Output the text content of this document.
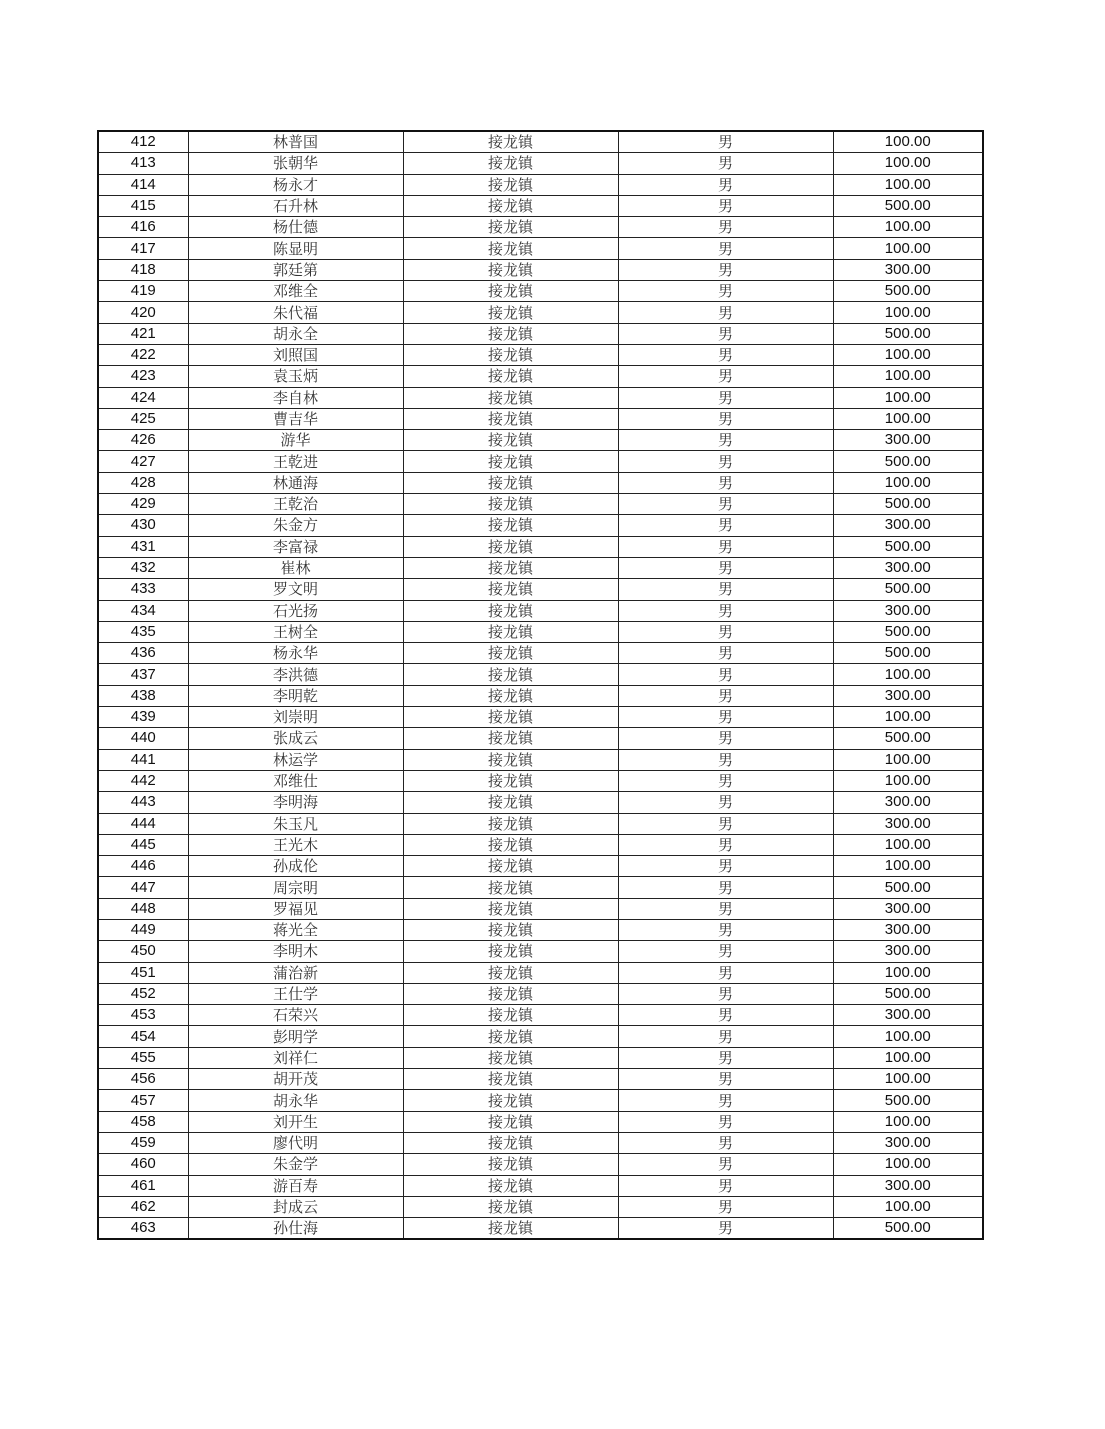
412	林普国	接龙镇	男	100.00
413	张朝华	接龙镇	男	100.00
414	杨永才	接龙镇	男	100.00
415	石升林	接龙镇	男	500.00
416	杨仕德	接龙镇	男	100.00
417	陈显明	接龙镇	男	100.00
418	郭廷第	接龙镇	男	300.00
419	邓维全	接龙镇	男	500.00
420	朱代福	接龙镇	男	100.00
421	胡永全	接龙镇	男	500.00
422	刘照国	接龙镇	男	100.00
423	袁玉炳	接龙镇	男	100.00
424	李自林	接龙镇	男	100.00
425	曹吉华	接龙镇	男	100.00
426	游华	接龙镇	男	300.00
427	王乾进	接龙镇	男	500.00
428	林通海	接龙镇	男	100.00
429	王乾治	接龙镇	男	500.00
430	朱金方	接龙镇	男	300.00
431	李富禄	接龙镇	男	500.00
432	崔林	接龙镇	男	300.00
433	罗文明	接龙镇	男	500.00
434	石光扬	接龙镇	男	300.00
435	王树全	接龙镇	男	500.00
436	杨永华	接龙镇	男	500.00
437	李洪德	接龙镇	男	100.00
438	李明乾	接龙镇	男	300.00
439	刘崇明	接龙镇	男	100.00
440	张成云	接龙镇	男	500.00
441	林运学	接龙镇	男	100.00
442	邓维仕	接龙镇	男	100.00
443	李明海	接龙镇	男	300.00
444	朱玉凡	接龙镇	男	300.00
445	王光木	接龙镇	男	100.00
446	孙成伦	接龙镇	男	100.00
447	周宗明	接龙镇	男	500.00
448	罗福见	接龙镇	男	300.00
449	蒋光全	接龙镇	男	300.00
450	李明木	接龙镇	男	300.00
451	蒲治新	接龙镇	男	100.00
452	王仕学	接龙镇	男	500.00
453	石荣兴	接龙镇	男	300.00
454	彭明学	接龙镇	男	100.00
455	刘祥仁	接龙镇	男	100.00
456	胡开茂	接龙镇	男	100.00
457	胡永华	接龙镇	男	500.00
458	刘开生	接龙镇	男	100.00
459	廖代明	接龙镇	男	300.00
460	朱金学	接龙镇	男	100.00
461	游百寿	接龙镇	男	300.00
462	封成云	接龙镇	男	100.00
463	孙仕海	接龙镇	男	500.00
